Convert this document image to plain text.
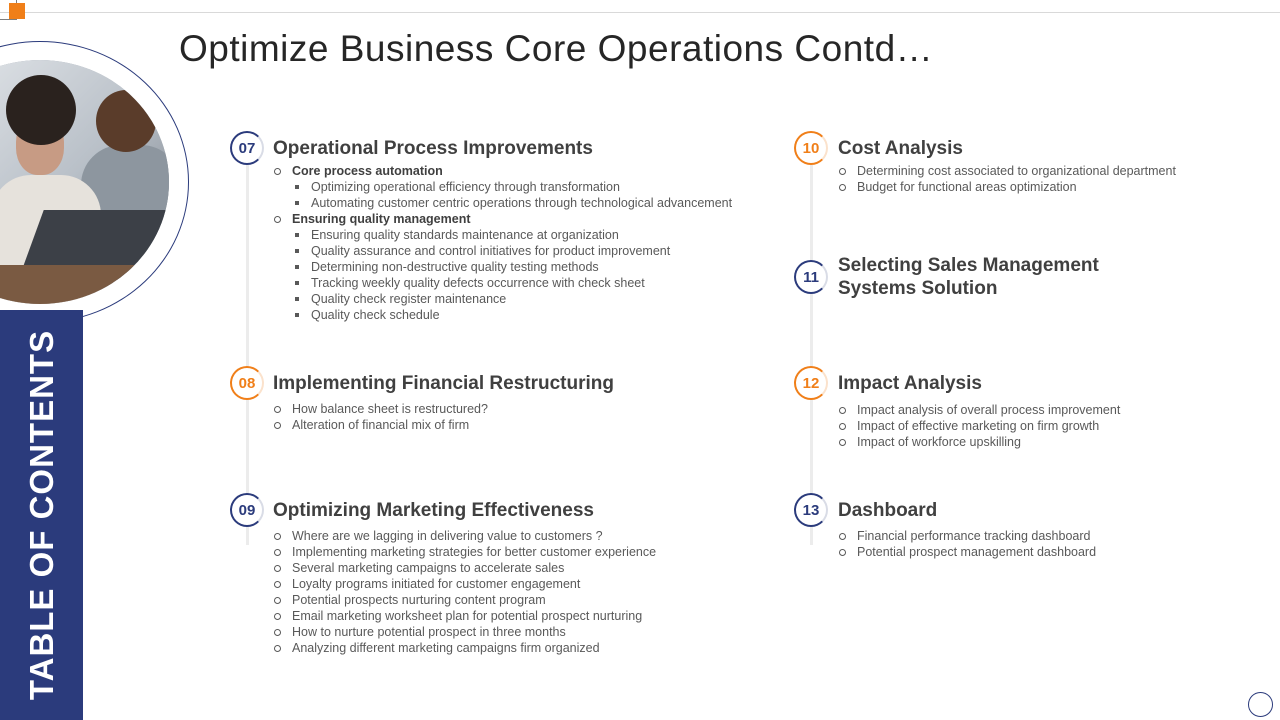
TABLE OF CONTENTS
Optimize Business Core Operations Contd…
07 Operational Process Improvements
Core process automation
Optimizing operational efficiency through transformation
Automating customer centric operations through technological advancement
Ensuring quality management
Ensuring quality standards maintenance at organization
Quality assurance and control initiatives for product improvement
Determining non-destructive quality testing methods
Tracking weekly quality defects occurrence with check sheet
Quality check register maintenance
Quality check schedule
08 Implementing Financial Restructuring
How balance sheet is restructured?
Alteration of financial mix of firm
09 Optimizing Marketing Effectiveness
Where are we lagging in delivering value to customers ?
Implementing marketing strategies for better customer experience
Several marketing campaigns to accelerate sales
Loyalty programs initiated for customer engagement
Potential prospects nurturing content program
Email marketing worksheet plan for potential prospect nurturing
How to nurture potential prospect in three months
Analyzing different marketing campaigns firm organized
10 Cost Analysis
Determining cost associated to organizational department
Budget for functional areas optimization
11
Selecting Sales Management
Systems Solution
12 Impact Analysis
Impact analysis of overall process improvement
Impact of effective marketing on firm growth
Impact of workforce upskilling
13 Dashboard
Financial performance tracking dashboard
Potential prospect management dashboard
